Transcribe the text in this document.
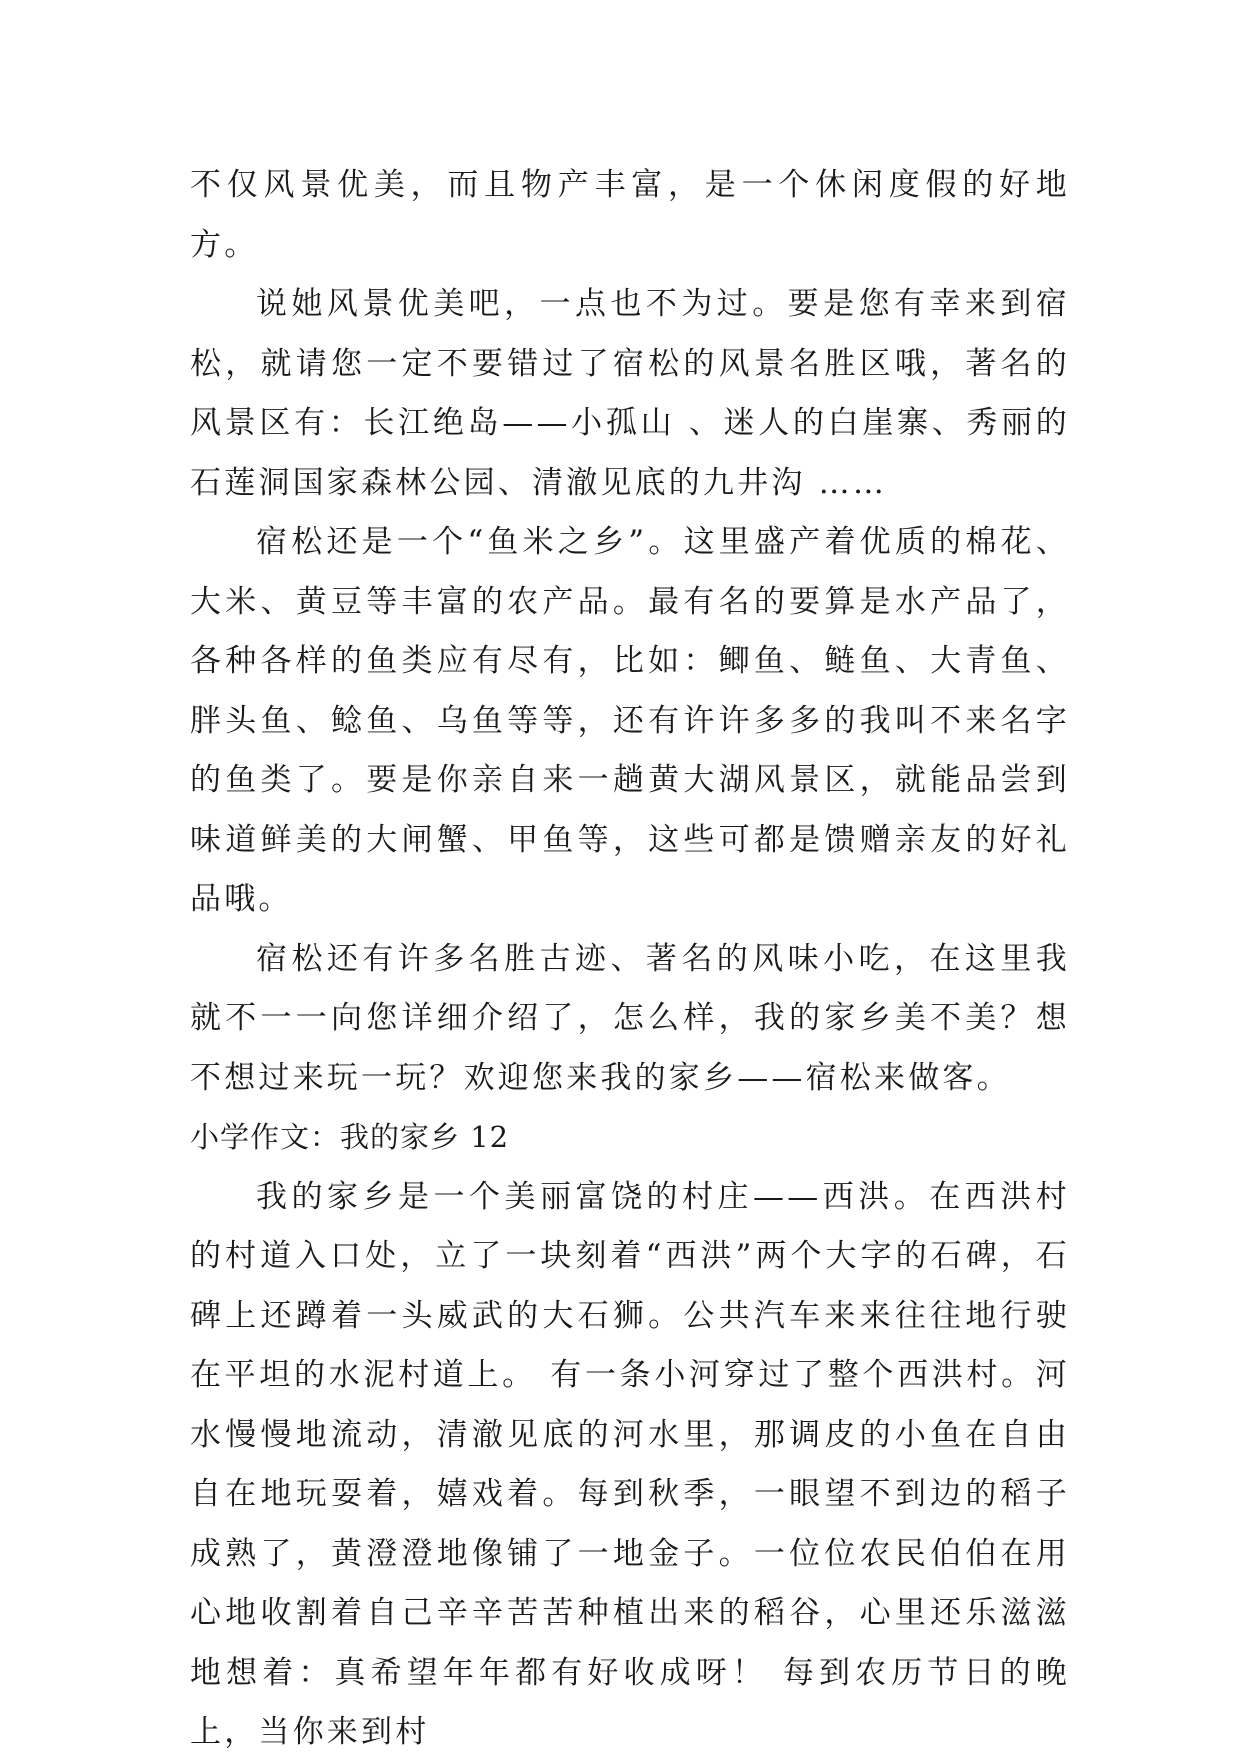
不仅风景优美，而且物产丰富，是一个休闲度假的好地方。

说她风景优美吧，一点也不为过。要是您有幸来到宿松，就请您一定不要错过了宿松的风景名胜区哦，著名的风景区有：长江绝岛——小孤山 、迷人的白崖寨、秀丽的石莲洞国家森林公园、清澈见底的九井沟 ……

宿松还是一个“鱼米之乡”。这里盛产着优质的棉花、大米、黄豆等丰富的农产品。最有名的要算是水产品了，各种各样的鱼类应有尽有，比如：鲫鱼、鲢鱼、大青鱼、胖头鱼、鲶鱼、乌鱼等等，还有许许多多的我叫不来名字的鱼类了。要是你亲自来一趟黄大湖风景区，就能品尝到味道鲜美的大闸蟹、甲鱼等，这些可都是馈赠亲友的好礼品哦。

宿松还有许多名胜古迹、著名的风味小吃，在这里我就不一一向您详细介绍了，怎么样，我的家乡美不美？想不想过来玩一玩？欢迎您来我的家乡——宿松来做客。

小学作文：我的家乡 12

我的家乡是一个美丽富饶的村庄——西洪。在西洪村的村道入口处，立了一块刻着“西洪”两个大字的石碑，石碑上还蹲着一头威武的大石狮。公共汽车来来往往地行驶在平坦的水泥村道上。 有一条小河穿过了整个西洪村。河水慢慢地流动，清澈见底的河水里，那调皮的小鱼在自由自在地玩耍着，嬉戏着。每到秋季，一眼望不到边的稻子成熟了，黄澄澄地像铺了一地金子。一位位农民伯伯在用心地收割着自己辛辛苦苦种植出来的稻谷，心里还乐滋滋地想着：真希望年年都有好收成呀！ 每到农历节日的晚上，当你来到村
